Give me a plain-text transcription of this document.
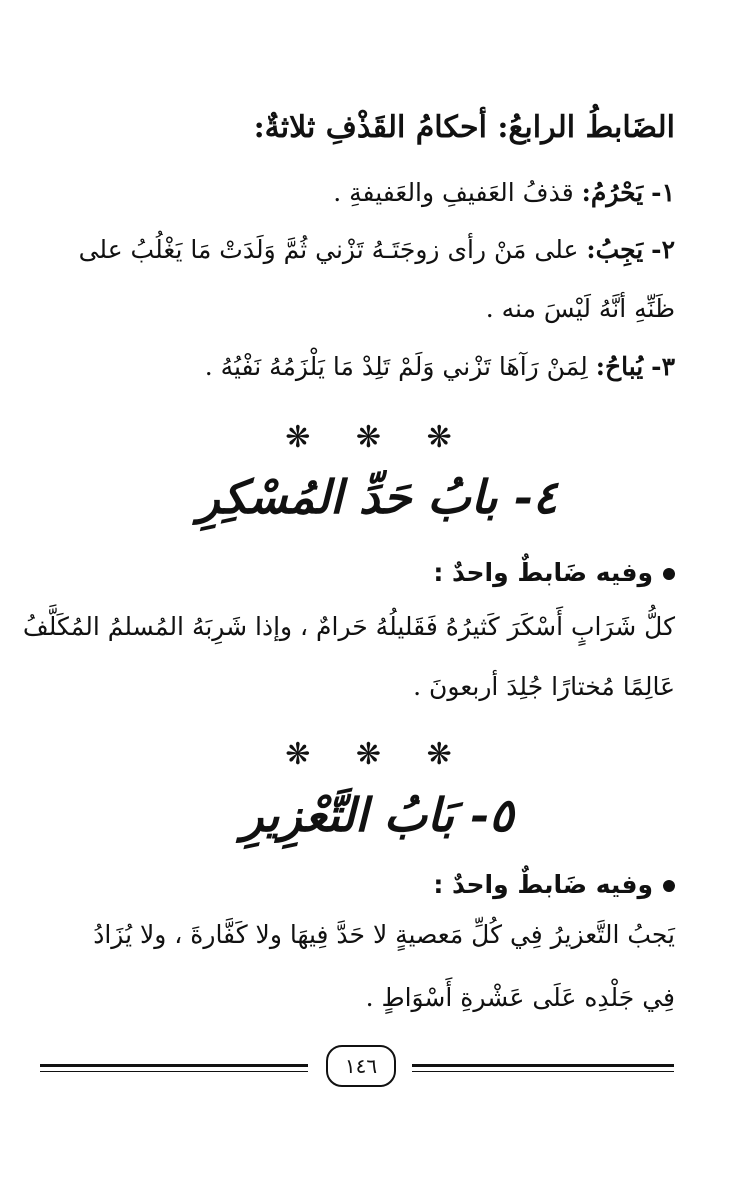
الضَابطُ الرابعُ: أحكامُ القَذْفِ ثلاثةٌ:
١- يَحْرُمُ: قذفُ العَفيفِ والعَفيفةِ .
٢- يَجِبُ: على مَنْ رأى زوجَتَـهُ تَزْني ثُمَّ وَلَدَتْ مَا يَغْلُبُ على
ظَنِّهِ أنَّهُ لَيْسَ منه .
٣- يُباحُ: لِمَنْ رَآهَا تَزْني وَلَمْ تَلِدْ مَا يَلْزَمُهُ نَفْيُهُ .
❋ ❋ ❋
٤- بابُ حَدِّ المُسْكِرِ
وفيه ضَابطٌ واحدٌ :
كلُّ شَرَابٍ أَسْكَرَ كَثيرُهُ فَقَليلُهُ حَرامٌ ، وإذا شَرِبَهُ المُسلمُ المُكَلَّفُ
عَالِمًا مُختارًا جُلِدَ أربعونَ .
❋ ❋ ❋
٥- بَابُ التَّعْزِيرِ
وفيه ضَابطٌ واحدٌ :
يَجبُ التَّعزيرُ فِي كُلِّ مَعصيةٍ لا حَدَّ فِيهَا ولا كَفَّارةَ ، ولا يُزَادُ
فِي جَلْدِه عَلَى عَشْرةِ أَسْوَاطٍ .
١٤٦
